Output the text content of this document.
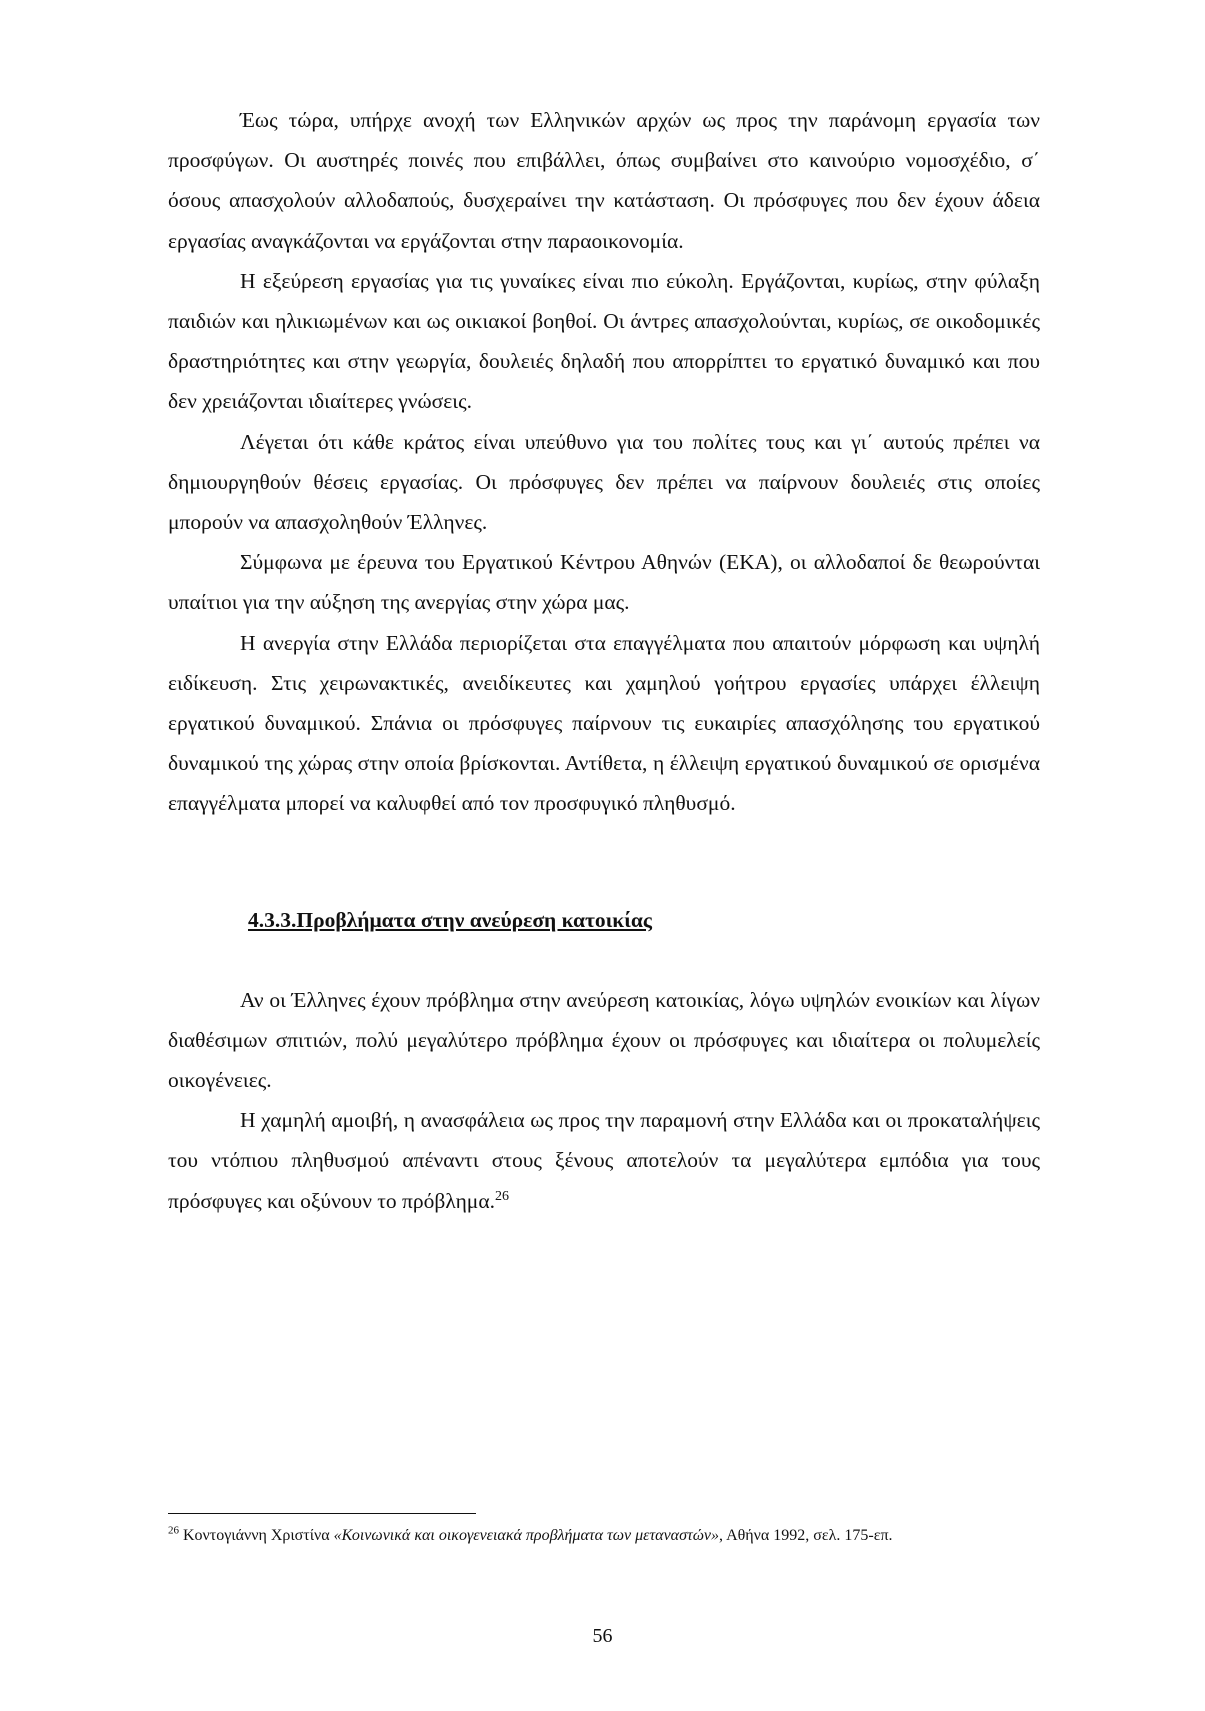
Έως τώρα, υπήρχε ανοχή των Ελληνικών αρχών ως προς την παράνομη εργασία των προσφύγων. Οι αυστηρές ποινές που επιβάλλει, όπως συμβαίνει στο καινούριο νομοσχέδιο, σ΄ όσους απασχολούν αλλοδαπούς, δυσχεραίνει την κατάσταση. Οι πρόσφυγες που δεν έχουν άδεια εργασίας αναγκάζονται να εργάζονται στην παραοικονομία.

Η εξεύρεση εργασίας για τις γυναίκες είναι πιο εύκολη. Εργάζονται, κυρίως, στην φύλαξη παιδιών και ηλικιωμένων και ως οικιακοί βοηθοί. Οι άντρες απασχολούνται, κυρίως, σε οικοδομικές δραστηριότητες και στην γεωργία, δουλειές δηλαδή που απορρίπτει το εργατικό δυναμικό και που δεν χρειάζονται ιδιαίτερες γνώσεις.

Λέγεται ότι κάθε κράτος είναι υπεύθυνο για του πολίτες τους και γι΄ αυτούς πρέπει να δημιουργηθούν θέσεις εργασίας. Οι πρόσφυγες δεν πρέπει να παίρνουν δουλειές στις οποίες μπορούν να απασχοληθούν Έλληνες.

Σύμφωνα με έρευνα του Εργατικού Κέντρου Αθηνών (ΕΚΑ), οι αλλοδαποί δε θεωρούνται υπαίτιοι για την αύξηση της ανεργίας στην χώρα μας.

Η ανεργία στην Ελλάδα περιορίζεται στα επαγγέλματα που απαιτούν μόρφωση και υψηλή ειδίκευση. Στις χειρωνακτικές, ανειδίκευτες και χαμηλού γοήτρου εργασίες υπάρχει έλλειψη εργατικού δυναμικού. Σπάνια οι πρόσφυγες παίρνουν τις ευκαιρίες απασχόλησης του εργατικού δυναμικού της χώρας στην οποία βρίσκονται. Αντίθετα, η έλλειψη εργατικού δυναμικού σε ορισμένα επαγγέλματα μπορεί να καλυφθεί από τον προσφυγικό πληθυσμό.

4.3.3.Προβλήματα στην ανεύρεση κατοικίας

Αν οι Έλληνες έχουν πρόβλημα στην ανεύρεση κατοικίας, λόγω υψηλών ενοικίων και λίγων διαθέσιμων σπιτιών, πολύ μεγαλύτερο πρόβλημα έχουν οι πρόσφυγες και ιδιαίτερα οι πολυμελείς οικογένειες.

Η χαμηλή αμοιβή, η ανασφάλεια ως προς την παραμονή στην Ελλάδα και οι προκαταλήψεις του ντόπιου πληθυσμού απέναντι στους ξένους αποτελούν τα μεγαλύτερα εμπόδια για τους πρόσφυγες και οξύνουν το πρόβλημα.$^{26}$

$^{26}$ Κοντογιάννη Χριστίνα «Κοινωνικά και οικογενειακά προβλήματα των μεταναστών», Αθήνα 1992, σελ. 175-επ.

56
